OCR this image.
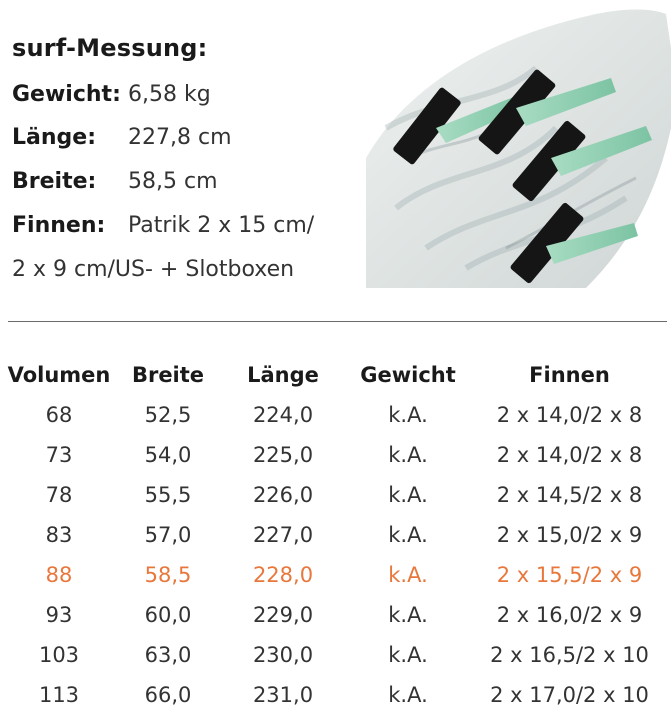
surf-Messung:
Gewicht: 6,58 kg
Länge: 227,8 cm
Breite: 58,5 cm
Finnen: Patrik 2 x 15 cm/
2 x 9 cm/US- + Slotboxen
Volumen	Breite	Länge	Gewicht	Finnen
68	52,5	224,0	k.A.	2 x 14,0/2 x 8
73	54,0	225,0	k.A.	2 x 14,0/2 x 8
78	55,5	226,0	k.A.	2 x 14,5/2 x 8
83	57,0	227,0	k.A.	2 x 15,0/2 x 9
88	58,5	228,0	k.A.	2 x 15,5/2 x 9
93	60,0	229,0	k.A.	2 x 16,0/2 x 9
103	63,0	230,0	k.A.	2 x 16,5/2 x 10
113	66,0	231,0	k.A.	2 x 17,0/2 x 10
